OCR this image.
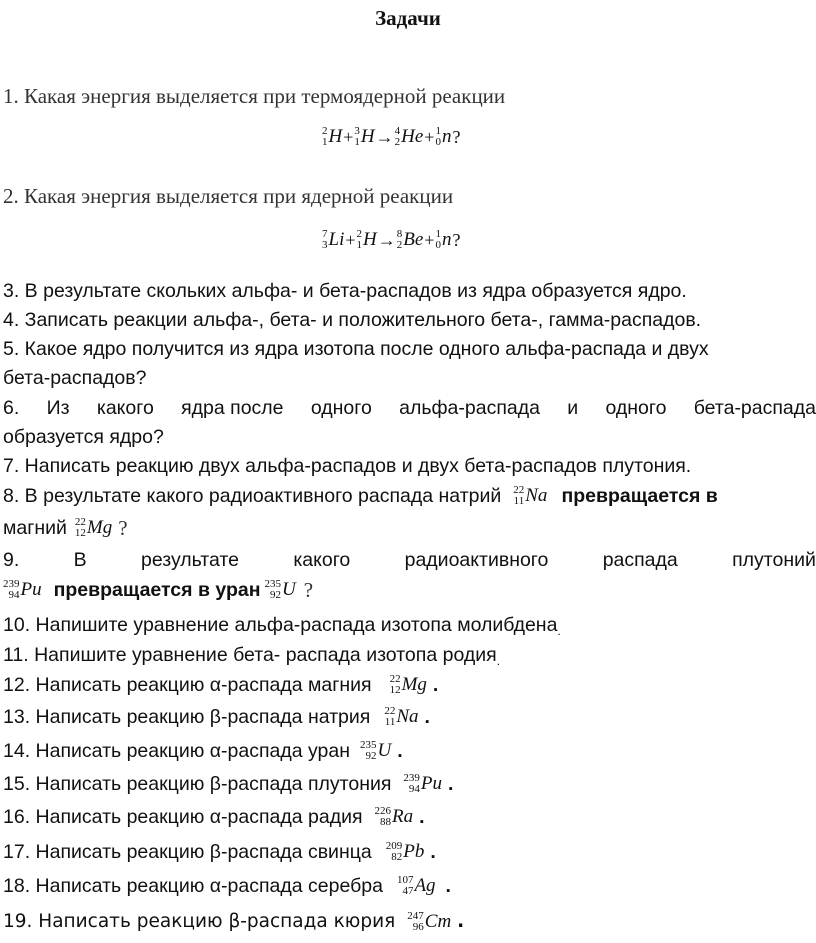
Задачи
1. Какая энергия выделяется при термоядерной реакции
2
1 H + 3
1 H → 4
2 He + 1
0 n ?
2. Какая энергия выделяется при ядерной реакции
7
3 Li + 2
1 H → 8
2 Be + 1
0 n ?
3. В результате скольких альфа- и бета-распадов из ядра образуется ядро.
4. Записать реакции альфа-, бета- и положительного бета-, гамма-распадов.
5. Какое ядро получится из ядра изотопа после одного альфа-распада и двух
бета-распадов?
6. Из какого ядра после одного альфа-распада и одного бета-распада
образуется ядро?
7. Написать реакцию двух альфа-распадов и двух бета-распадов плутония.
8. В результате какого радиоактивного распада натрий 22
11 Na превращается в
магний 22
12 Mg ?
9.	В	результате	какого	радиоактивного	распада	плутоний
239
94 Pu превращается в уран 235
92 U ?
10. Напишите уравнение альфа-распада изотопа молибдена.
11. Напишите уравнение бета- распада изотопа родия.
12. Написать реакцию α-распада магния 22
12 Mg .
13. Написать реакцию β-распада натрия 22
11 Na .
14. Написать реакцию α-распада уран 235
92 U .
15. Написать реакцию β-распада плутония 239
94 Pu .
16. Написать реакцию α-распада радия 226
88 Ra .
17. Написать реакцию β-распада свинца 209
82 Pb .
18. Написать реакцию α-распада серебра 107
47 Ag .
19. Написать реакцию β-распада кюрия 247
96 Cm .
